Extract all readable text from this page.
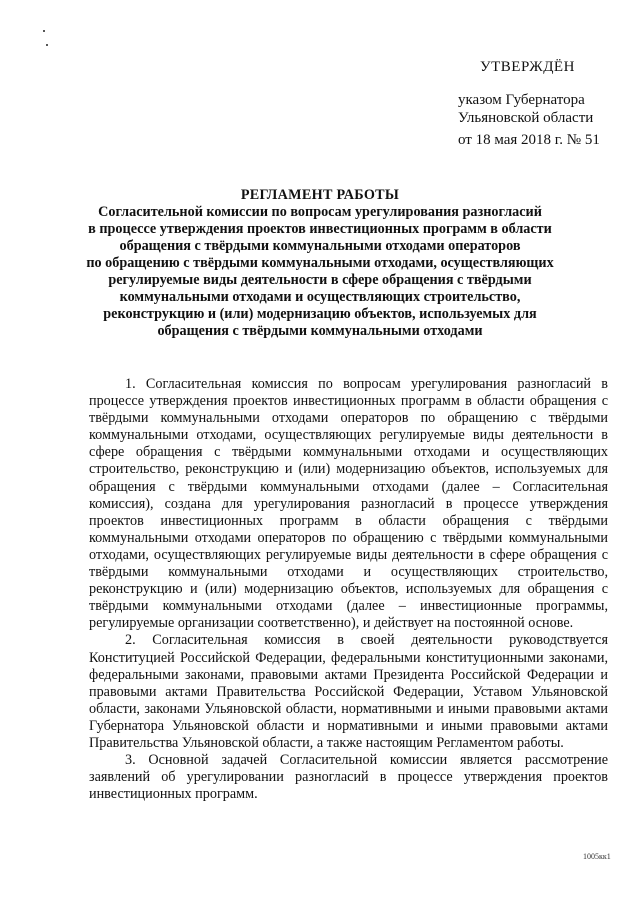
УТВЕРЖДЁН
указом Губернатора
Ульяновской области
от 18 мая 2018 г. № 51
РЕГЛАМЕНТ РАБОТЫ
Согласительной комиссии по вопросам урегулирования разногласий
в процессе утверждения проектов инвестиционных программ в области
обращения с твёрдыми коммунальными отходами операторов
по обращению с твёрдыми коммунальными отходами, осуществляющих
регулируемые виды деятельности в сфере обращения с твёрдыми
коммунальными отходами и осуществляющих строительство,
реконструкцию и (или) модернизацию объектов, используемых для
обращения с твёрдыми коммунальными отходами

1. Согласительная комиссия по вопросам урегулирования разногласий в процессе утверждения проектов инвестиционных программ в области обращения с твёрдыми коммунальными отходами операторов по обращению с твёрдыми коммунальными отходами, осуществляющих регулируемые виды деятельности в сфере обращения с твёрдыми коммунальными отходами и осуществляющих строительство, реконструкцию и (или) модернизацию объектов, используемых для обращения с твёрдыми коммунальными отходами (далее – Согласительная комиссия), создана для урегулирования разногласий в процессе утверждения проектов инвестиционных программ в области обращения с твёрдыми коммунальными отходами операторов по обращению с твёрдыми коммунальными отходами, осуществляющих регулируемые виды деятельности в сфере обращения с твёрдыми коммунальными отходами и осуществляющих строительство, реконструкцию и (или) модернизацию объектов, используемых для обращения с твёрдыми коммунальными отходами (далее – инвестиционные программы, регулируемые организации соответственно), и действует на постоянной основе.

2. Согласительная комиссия в своей деятельности руководствуется Конституцией Российской Федерации, федеральными конституционными законами, федеральными законами, правовыми актами Президента Российской Федерации и правовыми актами Правительства Российской Федерации, Уставом Ульяновской области, законами Ульяновской области, нормативными и иными правовыми актами Губернатора Ульяновской области и нормативными и иными правовыми актами Правительства Ульяновской области, а также настоящим Регламентом работы.

3. Основной задачей Согласительной комиссии является рассмотрение заявлений об урегулировании разногласий в процессе утверждения проектов инвестиционных программ.

1005кк1
